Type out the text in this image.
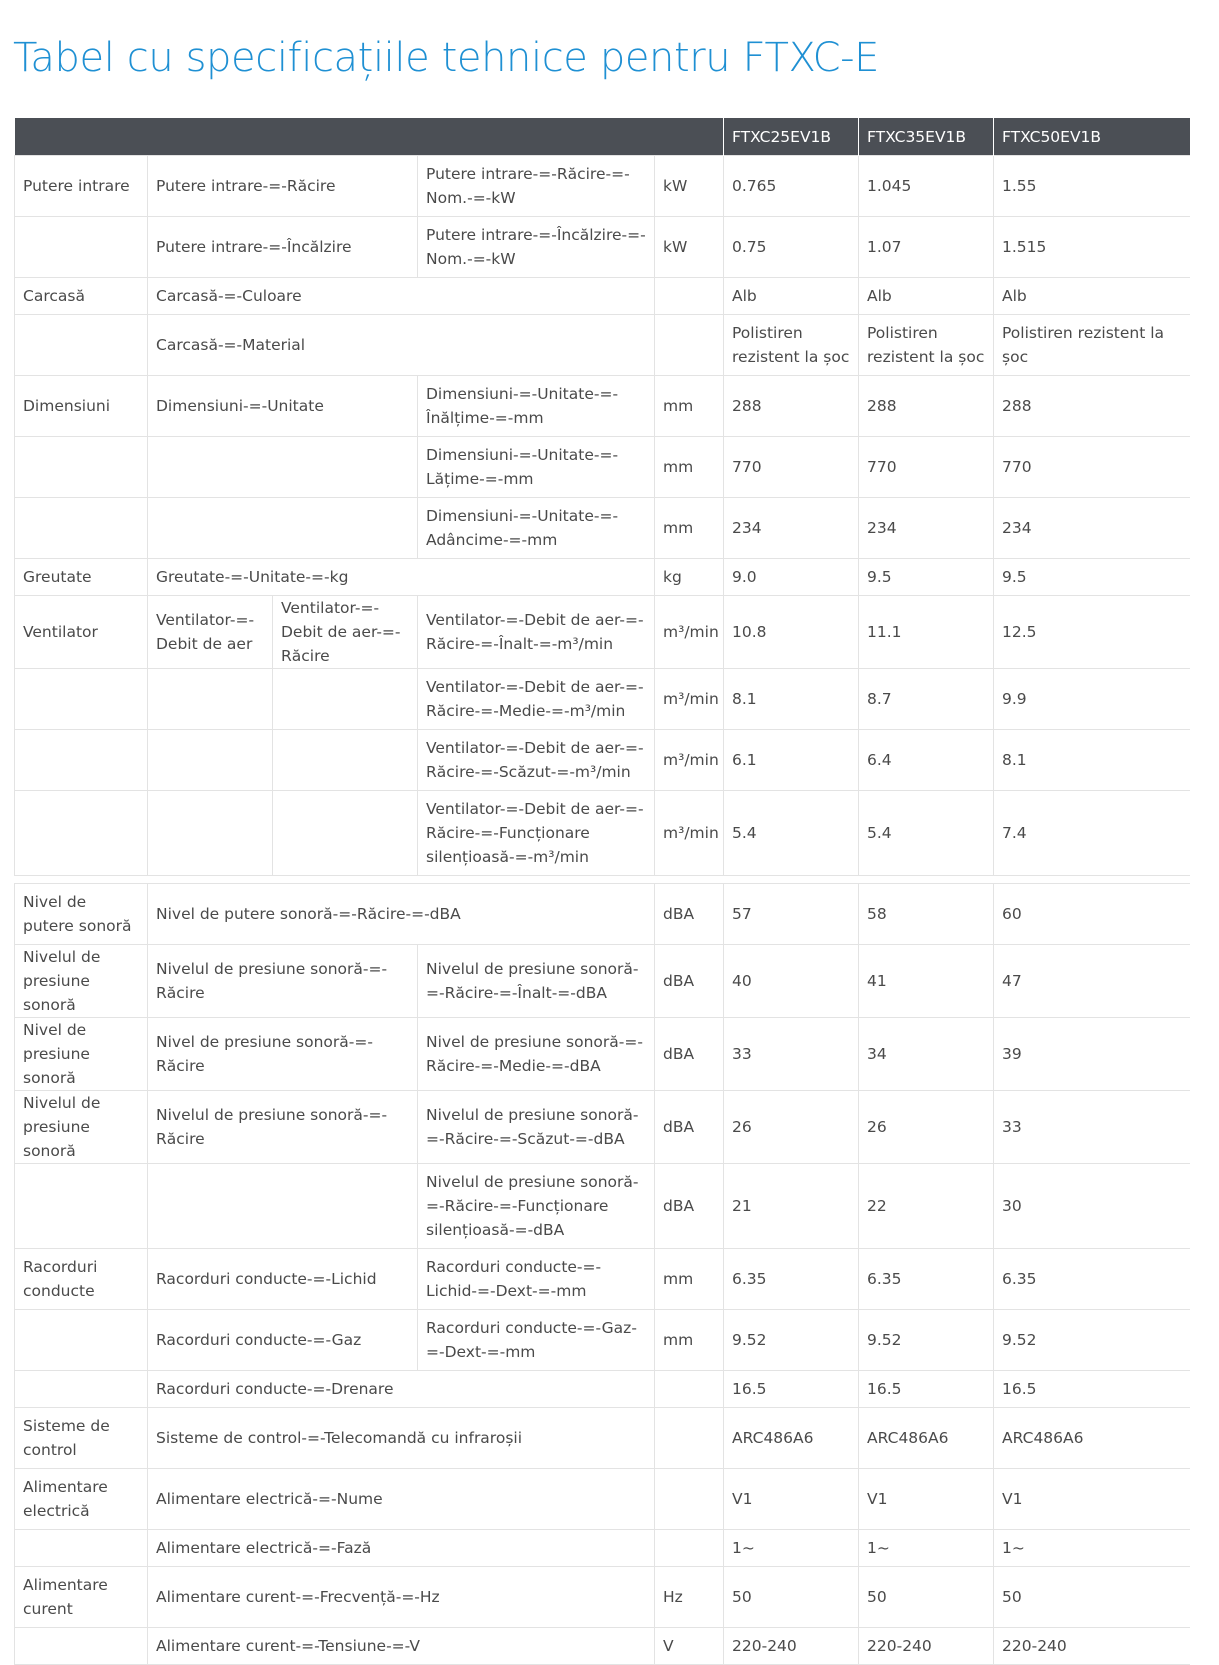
Tabel cu specificațiile tehnice pentru FTXC-E
					FTXC25EV1B	FTXC35EV1B	FTXC50EV1B
Putere intrare	Putere intrare-=-Răcire		Putere intrare-=-Răcire-=-Nom.-=-kW	kW	0.765	1.045	1.55
	Putere intrare-=-Încălzire		Putere intrare-=-Încălzire-=-Nom.-=-kW	kW	0.75	1.07	1.515
Carcasă	Carcasă-=-Culoare				Alb	Alb	Alb
	Carcasă-=-Material				Polistiren rezistent la șoc	Polistiren rezistent la șoc	Polistiren rezistent la șoc
Dimensiuni	Dimensiuni-=-Unitate		Dimensiuni-=-Unitate-=-Înălțime-=-mm	mm	288	288	288
			Dimensiuni-=-Unitate-=-Lățime-=-mm	mm	770	770	770
			Dimensiuni-=-Unitate-=-Adâncime-=-mm	mm	234	234	234
Greutate	Greutate-=-Unitate-=-kg			kg	9.0	9.5	9.5
Ventilator	Ventilator-=-Debit de aer	Ventilator-=-Debit de aer-=-Răcire	Ventilator-=-Debit de aer-=-Răcire-=-Înalt-=-m³/min	m³/min	10.8	11.1	12.5
			Ventilator-=-Debit de aer-=-Răcire-=-Medie-=-m³/min	m³/min	8.1	8.7	9.9
			Ventilator-=-Debit de aer-=-Răcire-=-Scăzut-=-m³/min	m³/min	6.1	6.4	8.1
			Ventilator-=-Debit de aer-=-Răcire-=-Funcționare silențioasă-=-m³/min	m³/min	5.4	5.4	7.4

Nivel de putere sonoră	Nivel de putere sonoră-=-Răcire-=-dBA			dBA	57	58	60
Nivelul de presiune sonoră	Nivelul de presiune sonoră-=-Răcire		Nivelul de presiune sonoră-=-Răcire-=-Înalt-=-dBA	dBA	40	41	47
Nivel de presiune sonoră	Nivel de presiune sonoră-=-Răcire		Nivel de presiune sonoră-=-Răcire-=-Medie-=-dBA	dBA	33	34	39
Nivelul de presiune sonoră	Nivelul de presiune sonoră-=-Răcire		Nivelul de presiune sonoră-=-Răcire-=-Scăzut-=-dBA	dBA	26	26	33
			Nivelul de presiune sonoră-=-Răcire-=-Funcționare silențioasă-=-dBA	dBA	21	22	30
Racorduri conducte	Racorduri conducte-=-Lichid		Racorduri conducte-=-Lichid-=-Dext-=-mm	mm	6.35	6.35	6.35
	Racorduri conducte-=-Gaz		Racorduri conducte-=-Gaz-=-Dext-=-mm	mm	9.52	9.52	9.52
	Racorduri conducte-=-Drenare				16.5	16.5	16.5
Sisteme de control	Sisteme de control-=-Telecomandă cu infraroșii				ARC486A6	ARC486A6	ARC486A6
Alimentare electrică	Alimentare electrică-=-Nume				V1	V1	V1
	Alimentare electrică-=-Fază				1~	1~	1~
Alimentare curent	Alimentare curent-=-Frecvență-=-Hz			Hz	50	50	50
	Alimentare curent-=-Tensiune-=-V			V	220-240	220-240	220-240
